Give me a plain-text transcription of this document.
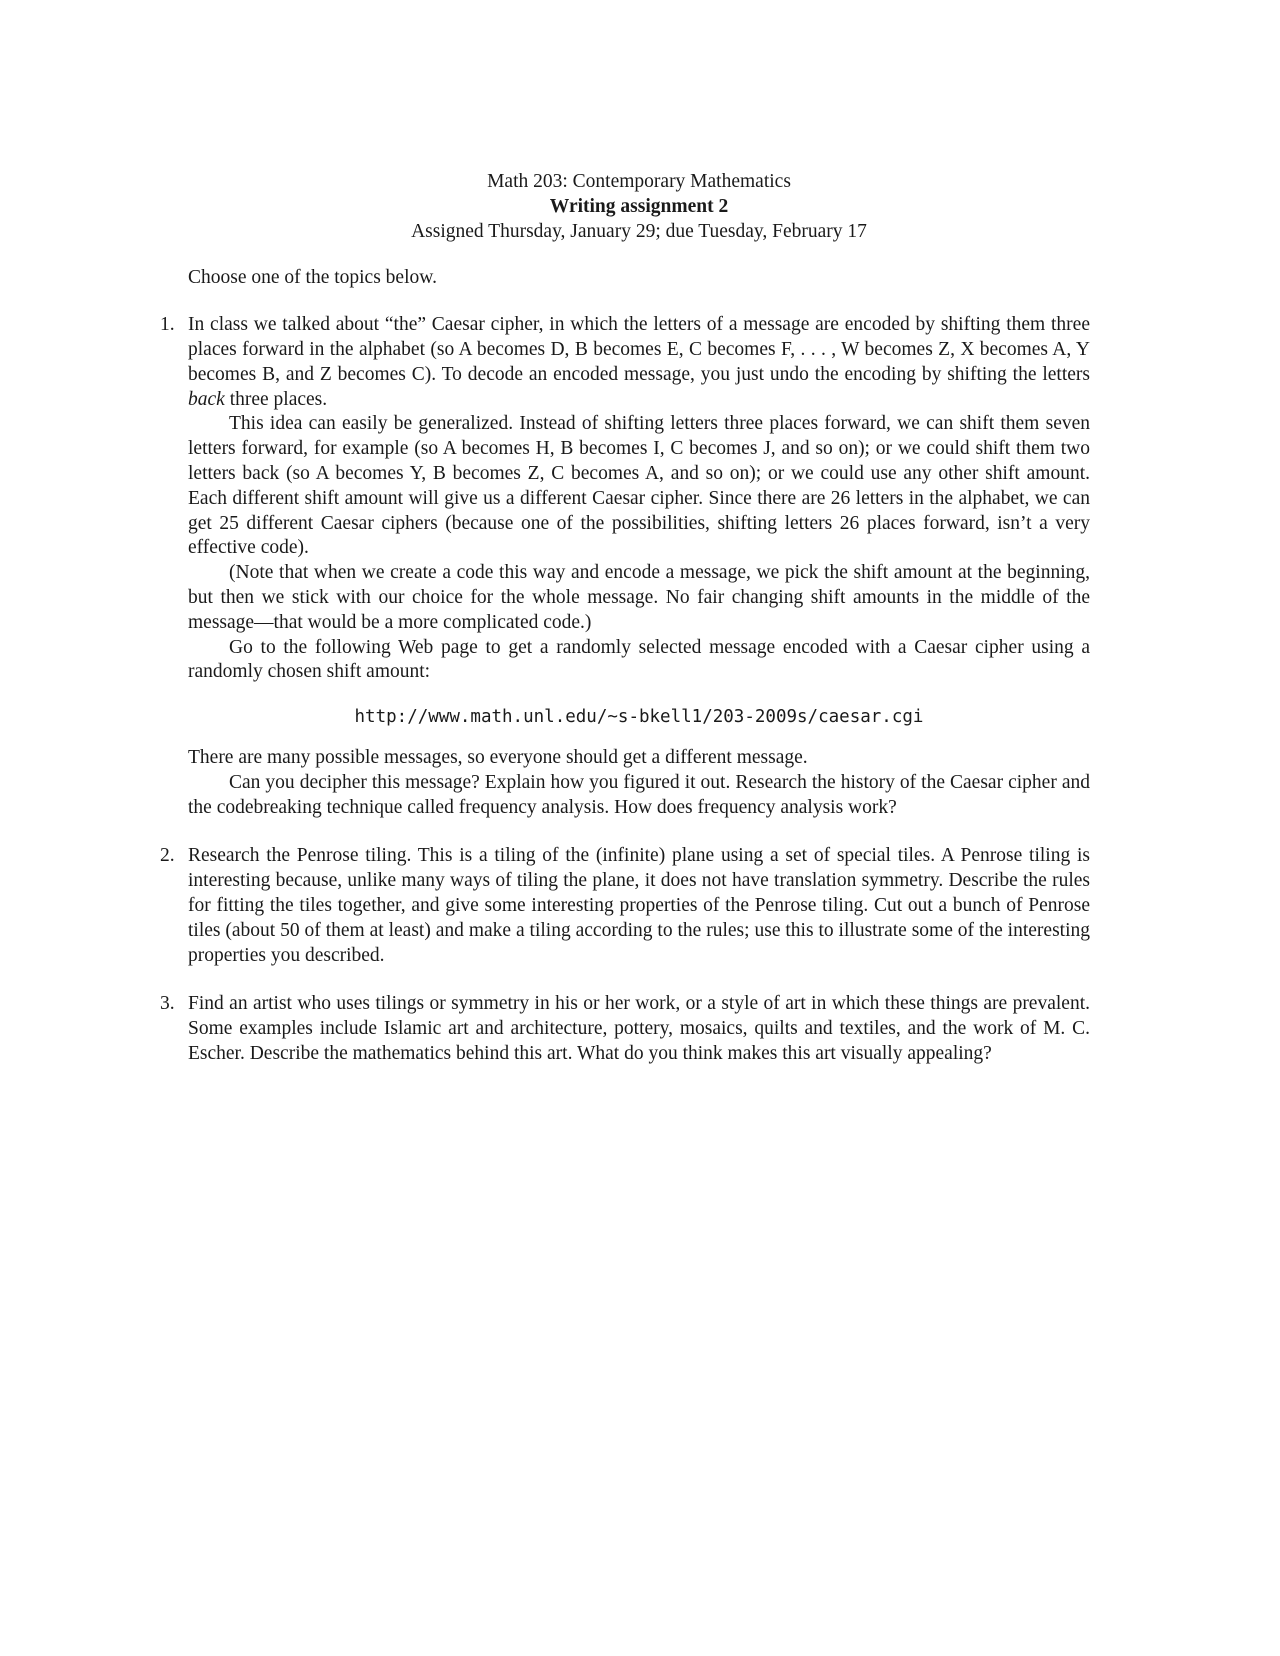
Math 203: Contemporary Mathematics
Writing assignment 2
Assigned Thursday, January 29; due Tuesday, February 17

Choose one of the topics below.

1. In class we talked about “the” Caesar cipher, in which the letters of a message are encoded by shifting them three places forward in the alphabet (so A becomes D, B becomes E, C becomes F, . . . , W becomes Z, X becomes A, Y becomes B, and Z becomes C). To decode an encoded message, you just undo the encoding by shifting the letters back three places.

This idea can easily be generalized. Instead of shifting letters three places forward, we can shift them seven letters forward, for example (so A becomes H, B becomes I, C becomes J, and so on); or we could shift them two letters back (so A becomes Y, B becomes Z, C becomes A, and so on); or we could use any other shift amount. Each different shift amount will give us a different Caesar cipher. Since there are 26 letters in the alphabet, we can get 25 different Caesar ciphers (because one of the possibilities, shifting letters 26 places forward, isn’t a very effective code).

(Note that when we create a code this way and encode a message, we pick the shift amount at the beginning, but then we stick with our choice for the whole message. No fair changing shift amounts in the middle of the message—that would be a more complicated code.)

Go to the following Web page to get a randomly selected message encoded with a Caesar cipher using a randomly chosen shift amount:

http://www.math.unl.edu/~s-bkell1/203-2009s/caesar.cgi

There are many possible messages, so everyone should get a different message.

Can you decipher this message? Explain how you figured it out. Research the history of the Caesar cipher and the codebreaking technique called frequency analysis. How does frequency analysis work?

2. Research the Penrose tiling. This is a tiling of the (infinite) plane using a set of special tiles. A Penrose tiling is interesting because, unlike many ways of tiling the plane, it does not have translation symmetry. Describe the rules for fitting the tiles together, and give some interesting properties of the Penrose tiling. Cut out a bunch of Penrose tiles (about 50 of them at least) and make a tiling according to the rules; use this to illustrate some of the interesting properties you described.

3. Find an artist who uses tilings or symmetry in his or her work, or a style of art in which these things are prevalent. Some examples include Islamic art and architecture, pottery, mosaics, quilts and textiles, and the work of M. C. Escher. Describe the mathematics behind this art. What do you think makes this art visually appealing?
